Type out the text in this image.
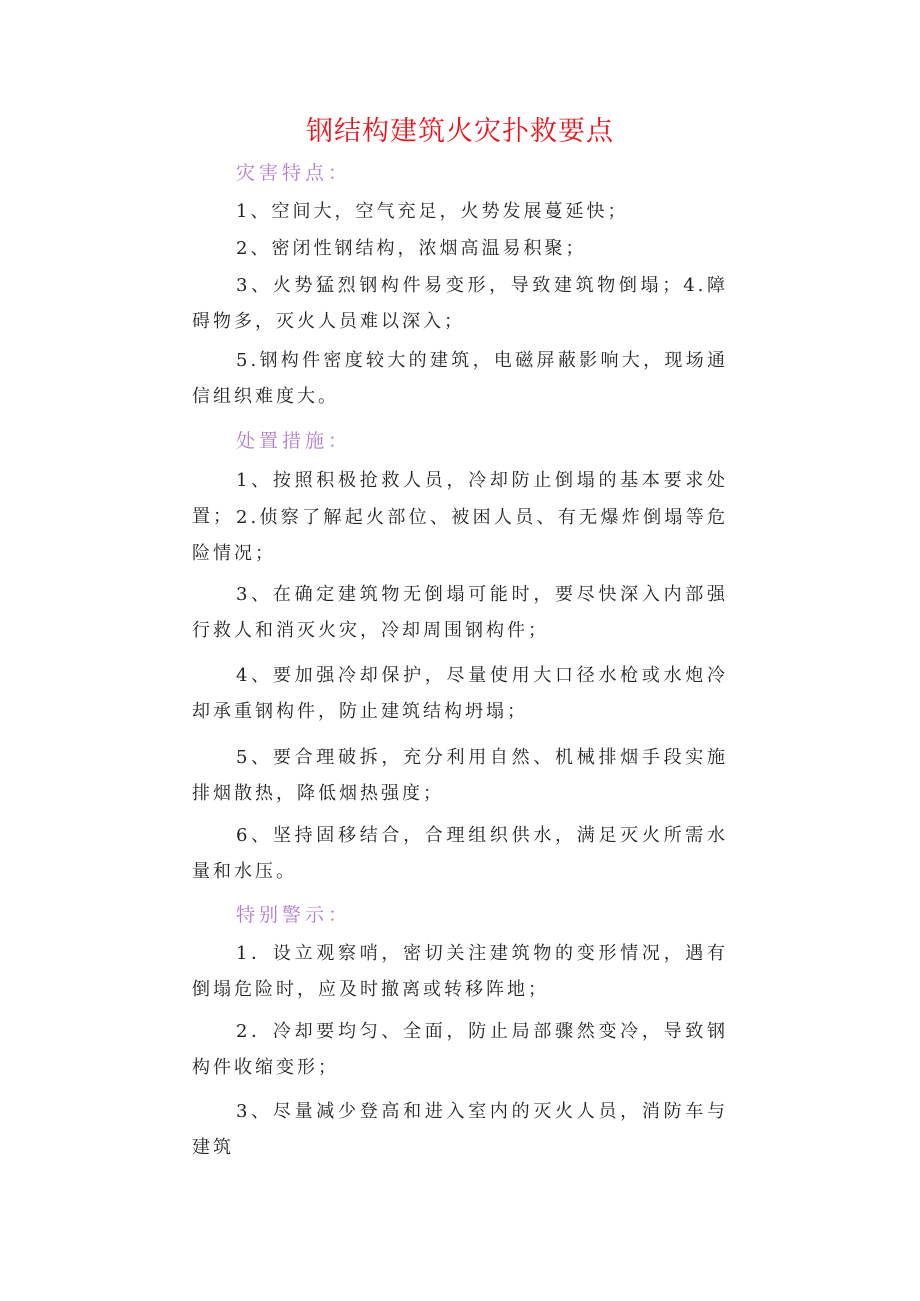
钢结构建筑火灾扑救要点
灾害特点：

1、空间大，空气充足，火势发展蔓延快；

2、密闭性钢结构，浓烟高温易积聚；

3、火势猛烈钢构件易变形，导致建筑物倒塌；4.障碍物多，灭火人员难以深入；

5.钢构件密度较大的建筑，电磁屏蔽影响大，现场通信组织难度大。

处置措施：

1、按照积极抢救人员，冷却防止倒塌的基本要求处置； 2.侦察了解起火部位、被困人员、有无爆炸倒塌等危险情况；

3、在确定建筑物无倒塌可能时，要尽快深入内部强行救人和消灭火灾，冷却周围钢构件；

4、要加强冷却保护，尽量使用大口径水枪或水炮冷却承重钢构件，防止建筑结构坍塌；

5、要合理破拆，充分利用自然、机械排烟手段实施排烟散热，降低烟热强度；

6、坚持固移结合，合理组织供水，满足灭火所需水量和水压。

特别警示：

1．设立观察哨，密切关注建筑物的变形情况，遇有倒塌危险时，应及时撤离或转移阵地；

2．冷却要均匀、全面，防止局部骤然变冷，导致钢构件收缩变形；

3、尽量减少登高和进入室内的灭火人员，消防车与建筑
